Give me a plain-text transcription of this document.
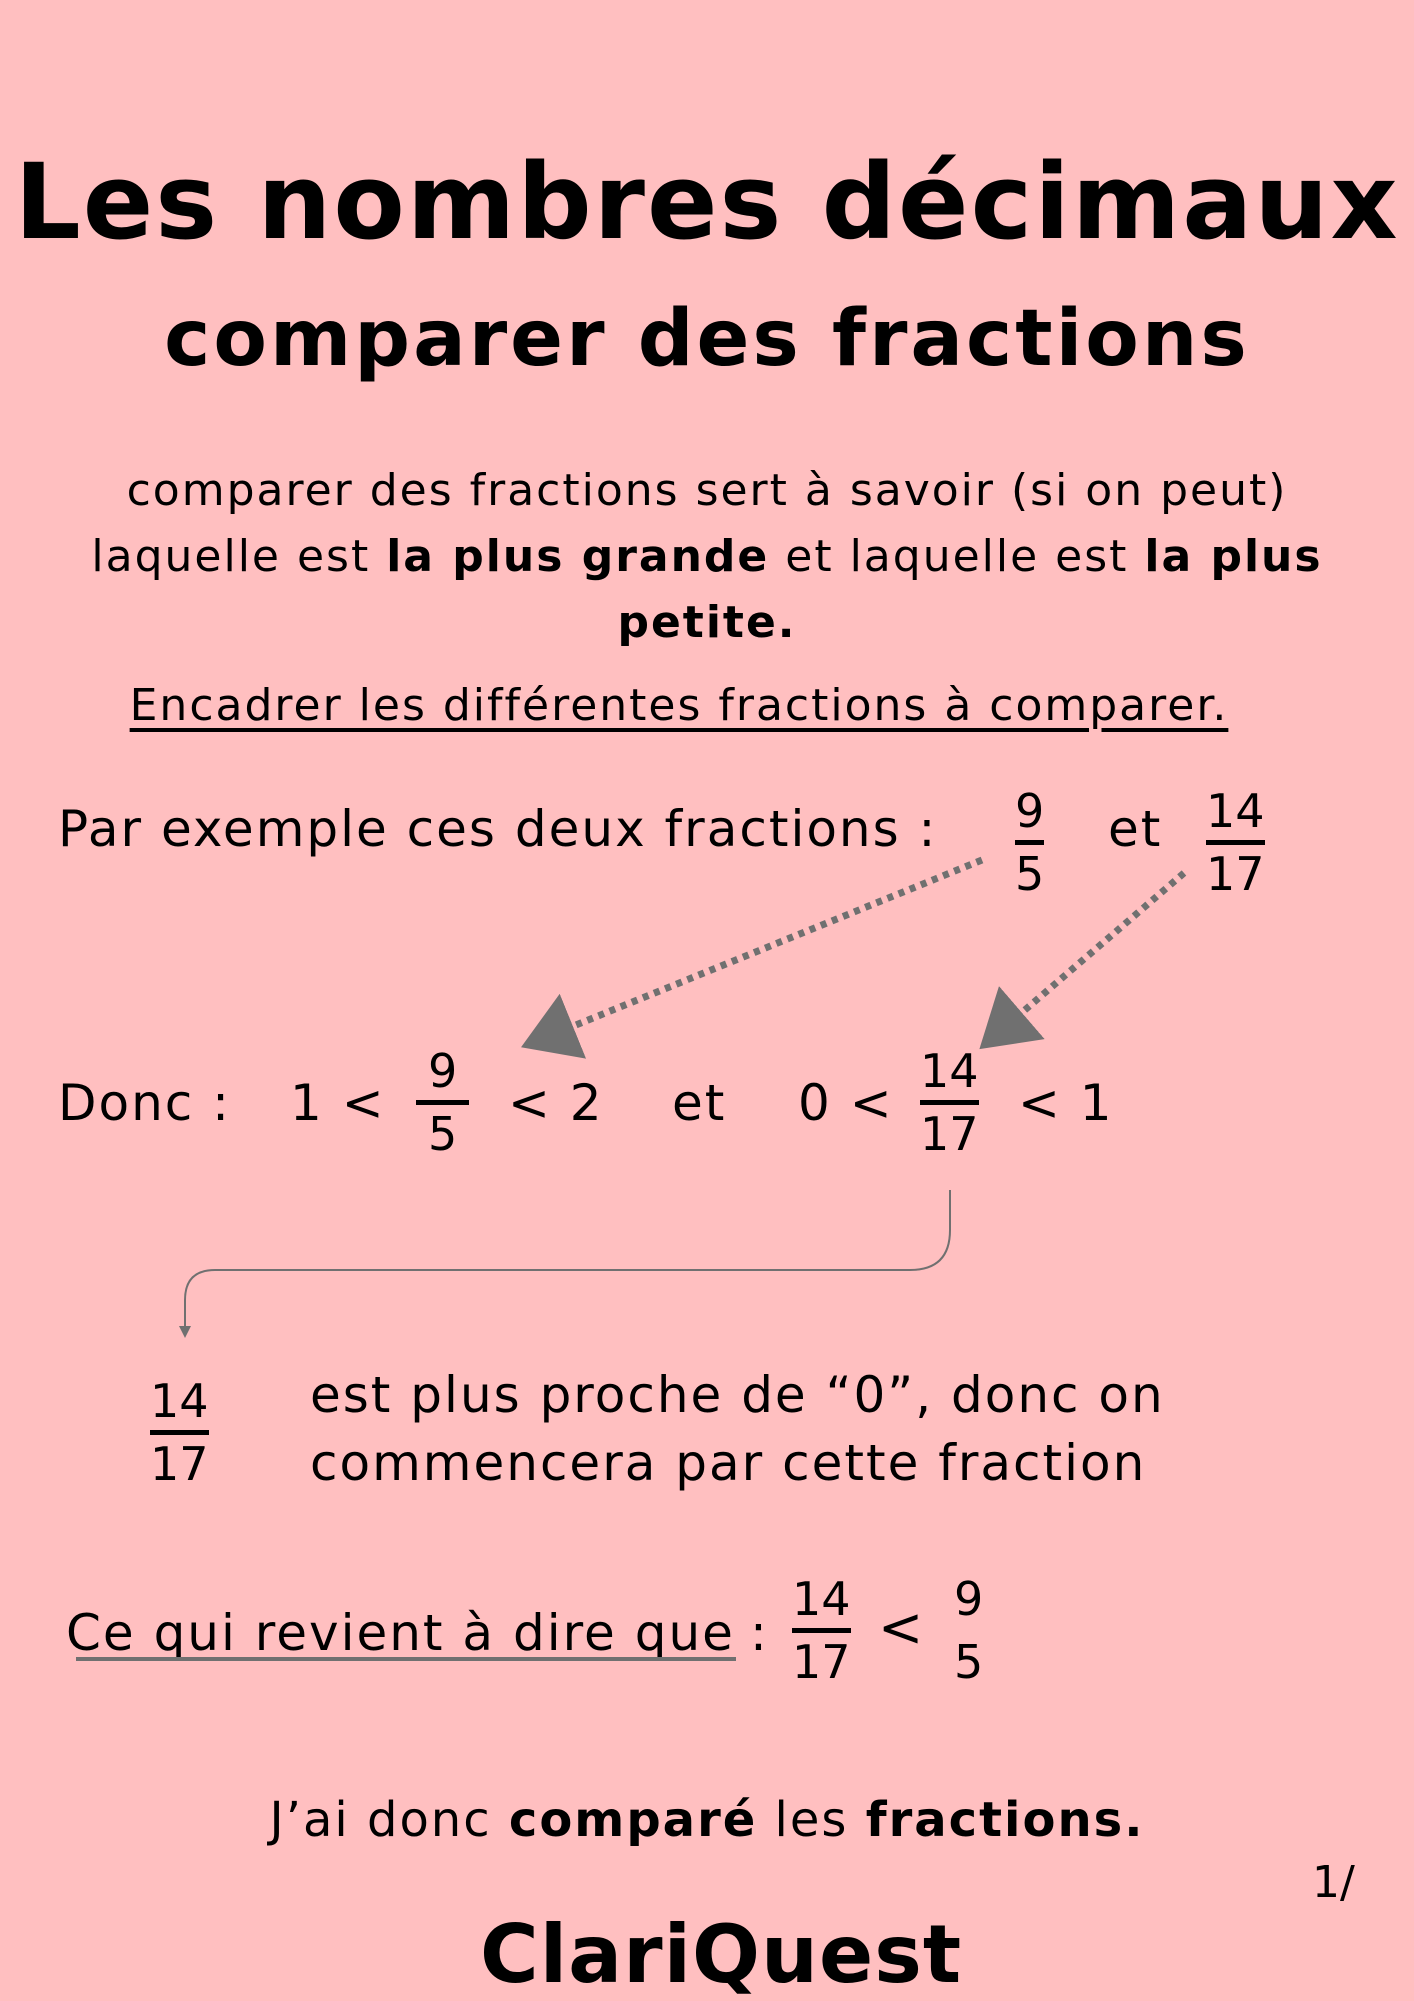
Les nombres décimaux
comparer des fractions
comparer des fractions sert à savoir (si on peut) laquelle est la plus grande et laquelle est la plus petite.
Encadrer les différentes fractions à comparer.
Par exemple ces deux fractions : 9
5
et 14
17
Donc : 1 <
9
5
< 2 et 0 <
14
17
< 1
14
17
est plus proche de “0”, donc on
commencera par cette fraction
Ce qui revient à dire que :
14
17
< 9
5
J’ai donc comparé les fractions.
1/
ClariQuest
